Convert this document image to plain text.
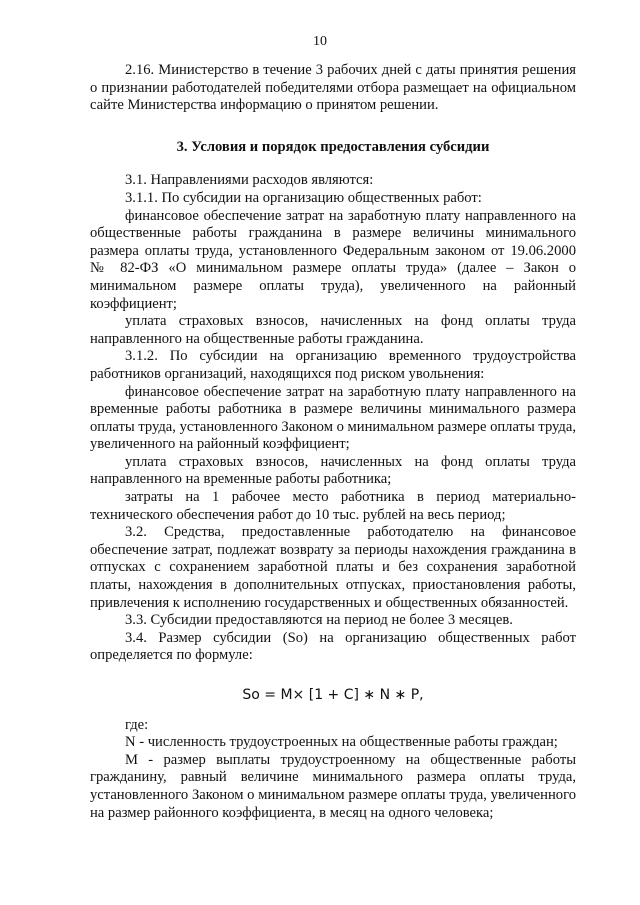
10

2.16. Министерство в течение 3 рабочих дней с даты принятия решения о признании работодателей победителями отбора размещает на официальном сайте Министерства информацию о принятом решении.

3. Условия и порядок предоставления субсидии

3.1. Направлениями расходов являются:

3.1.1. По субсидии на организацию общественных работ:

финансовое обеспечение затрат на заработную плату направленного на общественные работы гражданина в размере величины минимального размера оплаты труда, установленного Федеральным законом от 19.06.2000 № 82-ФЗ «О минимальном размере оплаты труда» (далее – Закон о минимальном размере оплаты труда), увеличенного на районный коэффициент;

уплата страховых взносов, начисленных на фонд оплаты труда направленного на общественные работы гражданина.

3.1.2. По субсидии на организацию временного трудоустройства работников организаций, находящихся под риском увольнения:

финансовое обеспечение затрат на заработную плату направленного на временные работы работника в размере величины минимального размера оплаты труда, установленного Законом о минимальном размере оплаты труда, увеличенного на районный коэффициент;

уплата страховых взносов, начисленных на фонд оплаты труда направленного на временные работы работника;

затраты на 1 рабочее место работника в период материально-технического обеспечения работ до 10 тыс. рублей на весь период;

3.2. Средства, предоставленные работодателю на финансовое обеспечение затрат, подлежат возврату за периоды нахождения гражданина в отпусках с сохранением заработной платы и без сохранения заработной платы, нахождения в дополнительных отпусках, приостановления работы, привлечения к исполнению государственных и общественных обязанностей.

3.3. Субсидии предоставляются на период не более 3 месяцев.

3.4. Размер субсидии (So) на организацию общественных работ определяется по формуле:

So = M× [1 + C] ∗ N ∗ P,

где:

N - численность трудоустроенных на общественные работы граждан;

М - размер выплаты трудоустроенному на общественные работы гражданину, равный величине минимального размера оплаты труда, установленного Законом о минимальном размере оплаты труда, увеличенного на размер районного коэффициента, в месяц на одного человека;
